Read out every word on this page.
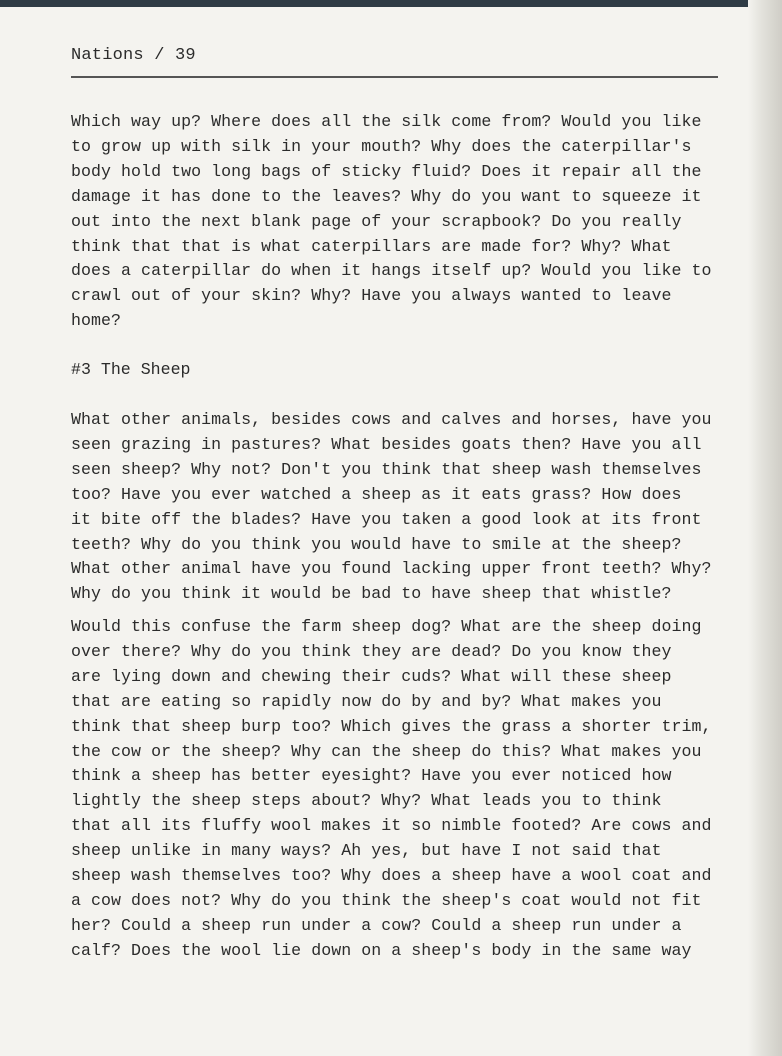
Nations / 39
Which way up? Where does all the silk come from? Would you like
to grow up with silk in your mouth? Why does the caterpillar's
body hold two long bags of sticky fluid? Does it repair all the
damage it has done to the leaves? Why do you want to squeeze it
out into the next blank page of your scrapbook? Do you really
think that that is what caterpillars are made for? Why? What
does a caterpillar do when it hangs itself up? Would you like to
crawl out of your skin? Why? Have you always wanted to leave
home?
#3 The Sheep
What other animals, besides cows and calves and horses, have you
seen grazing in pastures? What besides goats then? Have you all
seen sheep? Why not? Don't you think that sheep wash themselves
too? Have you ever watched a sheep as it eats grass? How does
it bite off the blades? Have you taken a good look at its front
teeth? Why do you think you would have to smile at the sheep?
What other animal have you found lacking upper front teeth? Why?
Why do you think it would be bad to have sheep that whistle?
Would this confuse the farm sheep dog? What are the sheep doing
over there? Why do you think they are dead? Do you know they
are lying down and chewing their cuds? What will these sheep
that are eating so rapidly now do by and by? What makes you
think that sheep burp too? Which gives the grass a shorter trim,
the cow or the sheep? Why can the sheep do this? What makes you
think a sheep has better eyesight? Have you ever noticed how
lightly the sheep steps about? Why? What leads you to think
that all its fluffy wool makes it so nimble footed? Are cows and
sheep unlike in many ways? Ah yes, but have I not said that
sheep wash themselves too? Why does a sheep have a wool coat and
a cow does not? Why do you think the sheep's coat would not fit
her? Could a sheep run under a cow? Could a sheep run under a
calf? Does the wool lie down on a sheep's body in the same way
